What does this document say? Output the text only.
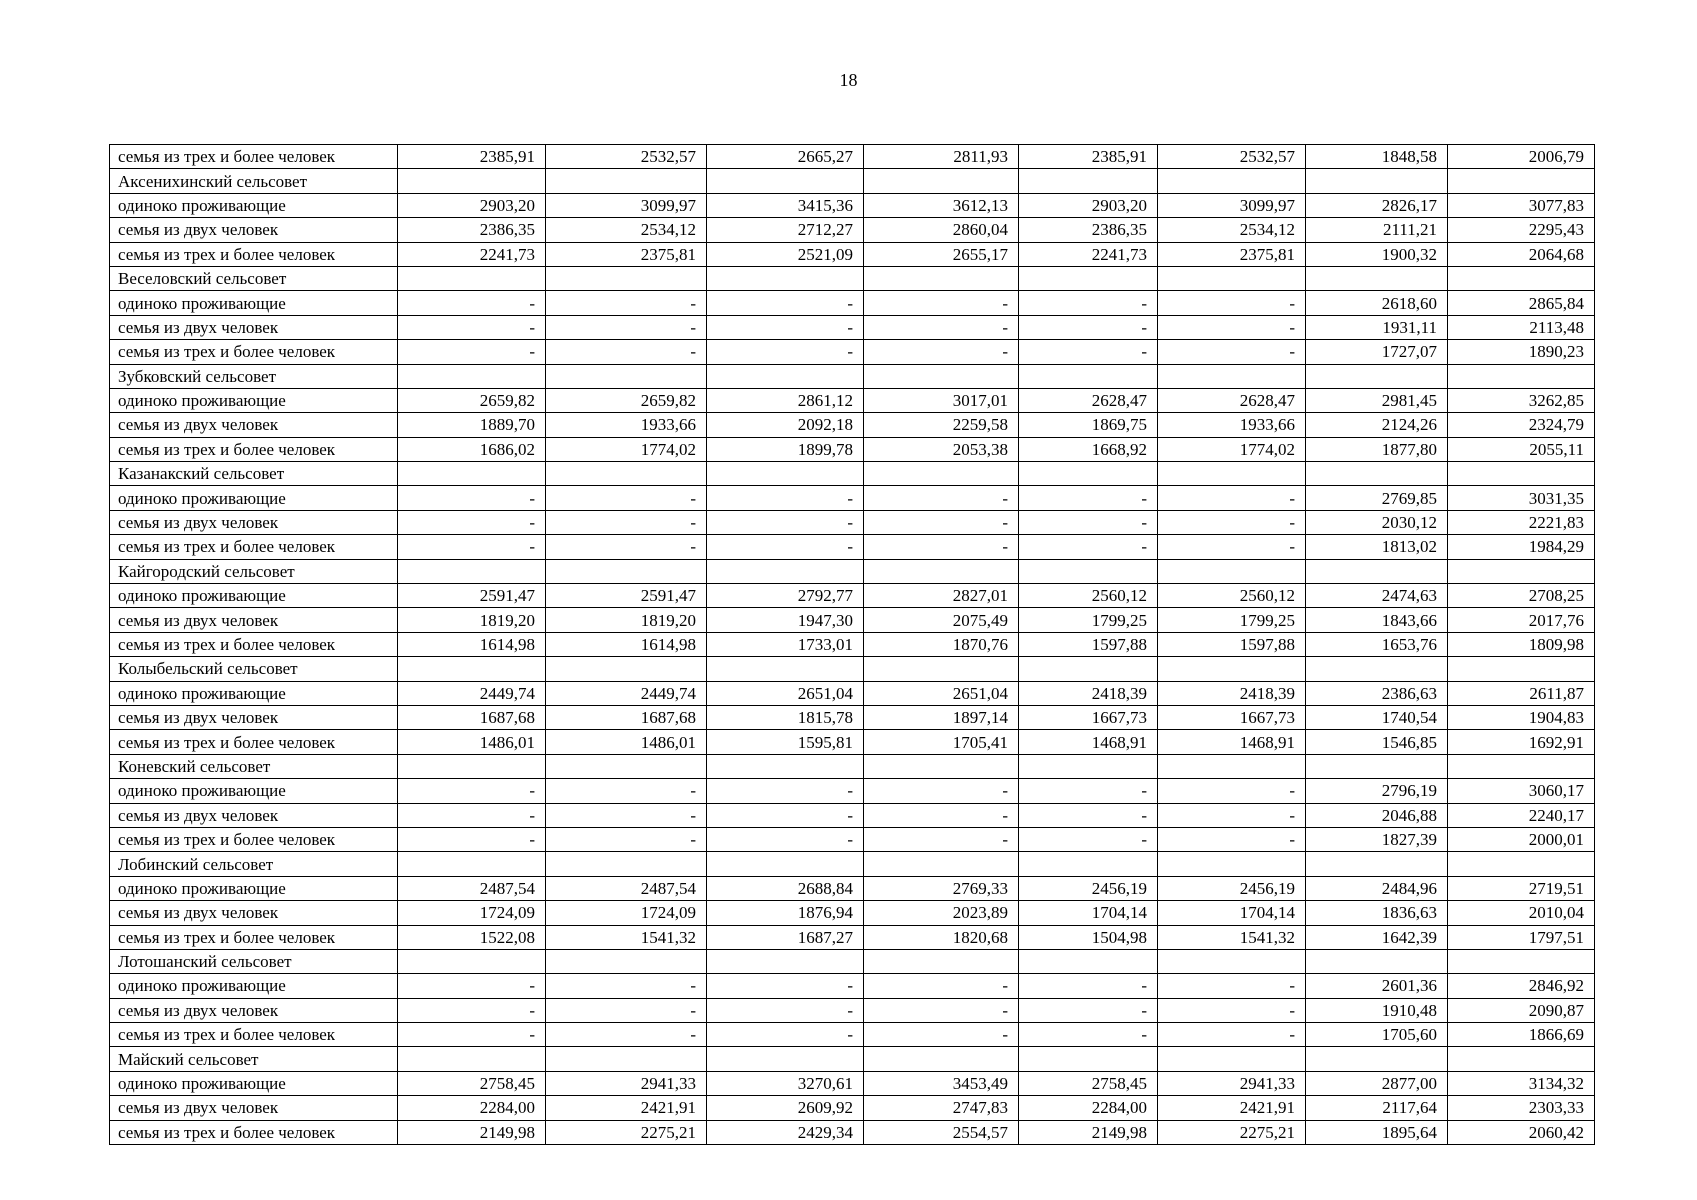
18
семья из трех и более человек	2385,91	2532,57	2665,27	2811,93	2385,91	2532,57	1848,58	2006,79
Аксенихинский сельсовет								
одиноко проживающие	2903,20	3099,97	3415,36	3612,13	2903,20	3099,97	2826,17	3077,83
семья из двух человек	2386,35	2534,12	2712,27	2860,04	2386,35	2534,12	2111,21	2295,43
семья из трех и более человек	2241,73	2375,81	2521,09	2655,17	2241,73	2375,81	1900,32	2064,68
Веселовский сельсовет								
одиноко проживающие	-	-	-	-	-	-	2618,60	2865,84
семья из двух человек	-	-	-	-	-	-	1931,11	2113,48
семья из трех и более человек	-	-	-	-	-	-	1727,07	1890,23
Зубковский сельсовет								
одиноко проживающие	2659,82	2659,82	2861,12	3017,01	2628,47	2628,47	2981,45	3262,85
семья из двух человек	1889,70	1933,66	2092,18	2259,58	1869,75	1933,66	2124,26	2324,79
семья из трех и более человек	1686,02	1774,02	1899,78	2053,38	1668,92	1774,02	1877,80	2055,11
Казанакский сельсовет								
одиноко проживающие	-	-	-	-	-	-	2769,85	3031,35
семья из двух человек	-	-	-	-	-	-	2030,12	2221,83
семья из трех и более человек	-	-	-	-	-	-	1813,02	1984,29
Кайгородский сельсовет								
одиноко проживающие	2591,47	2591,47	2792,77	2827,01	2560,12	2560,12	2474,63	2708,25
семья из двух человек	1819,20	1819,20	1947,30	2075,49	1799,25	1799,25	1843,66	2017,76
семья из трех и более человек	1614,98	1614,98	1733,01	1870,76	1597,88	1597,88	1653,76	1809,98
Колыбельский сельсовет								
одиноко проживающие	2449,74	2449,74	2651,04	2651,04	2418,39	2418,39	2386,63	2611,87
семья из двух человек	1687,68	1687,68	1815,78	1897,14	1667,73	1667,73	1740,54	1904,83
семья из трех и более человек	1486,01	1486,01	1595,81	1705,41	1468,91	1468,91	1546,85	1692,91
Коневский сельсовет								
одиноко проживающие	-	-	-	-	-	-	2796,19	3060,17
семья из двух человек	-	-	-	-	-	-	2046,88	2240,17
семья из трех и более человек	-	-	-	-	-	-	1827,39	2000,01
Лобинский сельсовет								
одиноко проживающие	2487,54	2487,54	2688,84	2769,33	2456,19	2456,19	2484,96	2719,51
семья из двух человек	1724,09	1724,09	1876,94	2023,89	1704,14	1704,14	1836,63	2010,04
семья из трех и более человек	1522,08	1541,32	1687,27	1820,68	1504,98	1541,32	1642,39	1797,51
Лотошанский сельсовет								
одиноко проживающие	-	-	-	-	-	-	2601,36	2846,92
семья из двух человек	-	-	-	-	-	-	1910,48	2090,87
семья из трех и более человек	-	-	-	-	-	-	1705,60	1866,69
Майский сельсовет								
одиноко проживающие	2758,45	2941,33	3270,61	3453,49	2758,45	2941,33	2877,00	3134,32
семья из двух человек	2284,00	2421,91	2609,92	2747,83	2284,00	2421,91	2117,64	2303,33
семья из трех и более человек	2149,98	2275,21	2429,34	2554,57	2149,98	2275,21	1895,64	2060,42
